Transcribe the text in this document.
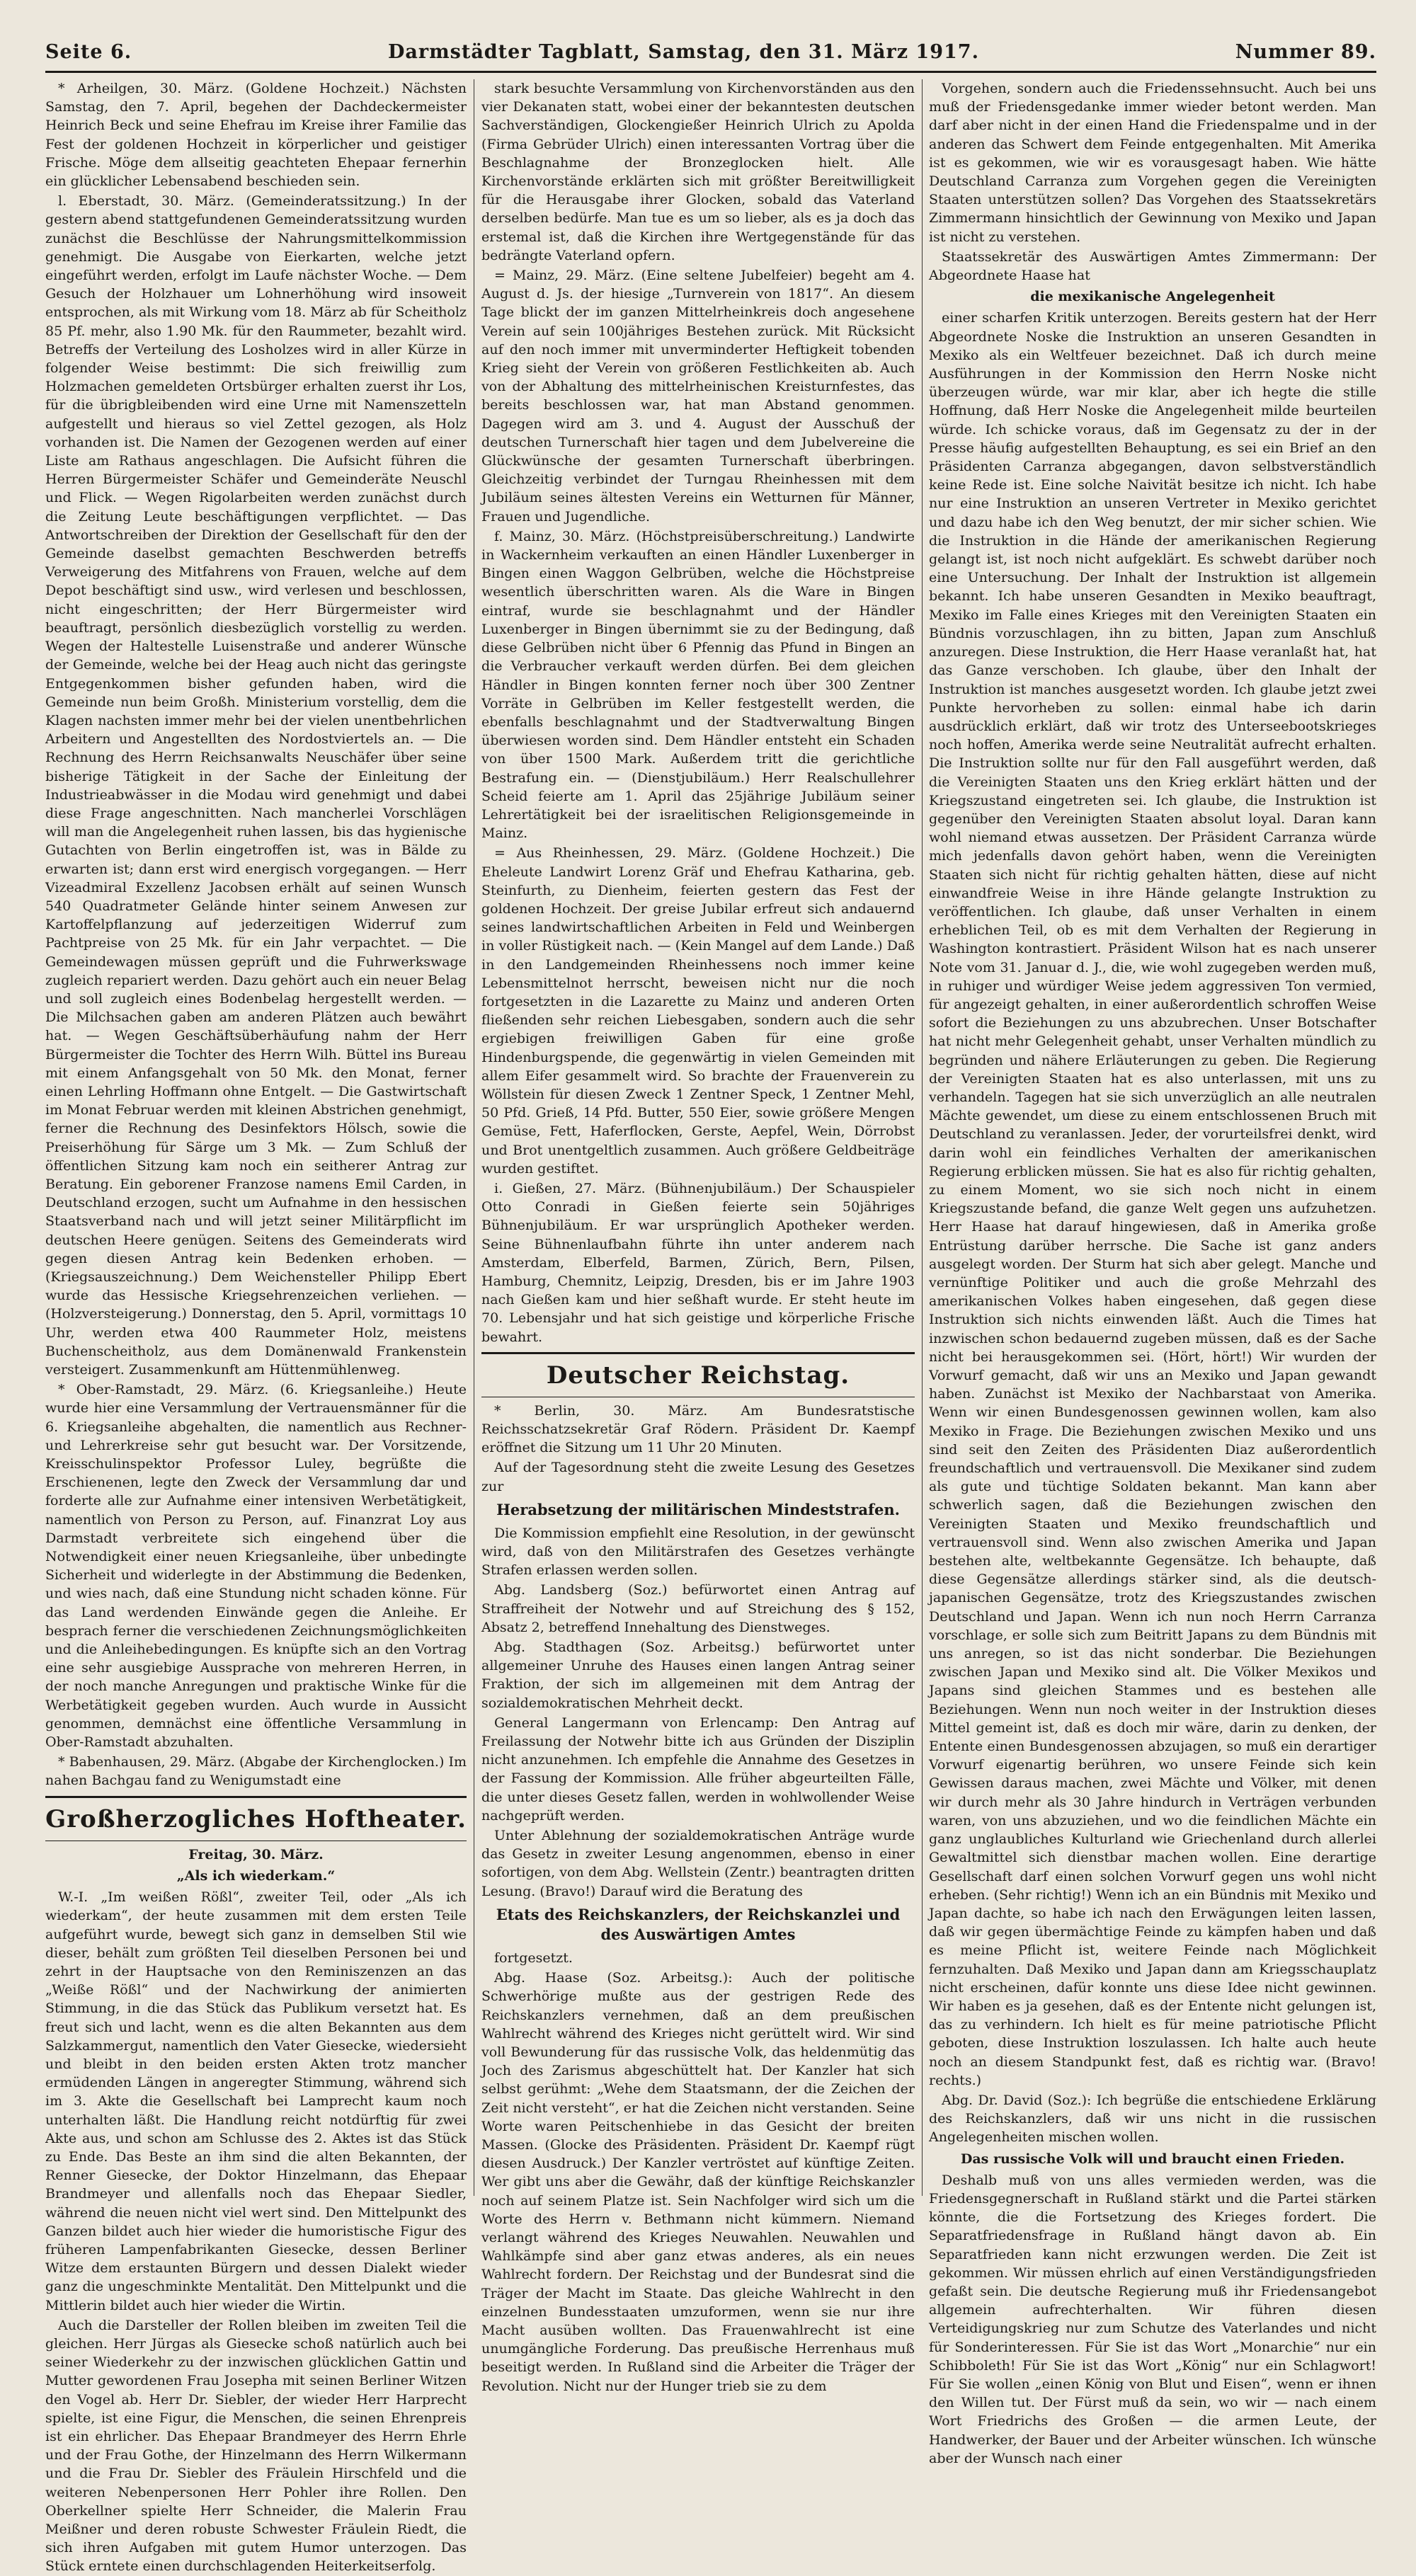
Seite 6.	Darmstädter Tagblatt, Samstag, den 31. März 1917.	Nummer 89.

* Arheilgen, 30. März. (Goldene Hochzeit.) Nächsten Samstag, den 7. April, begehen der Dachdeckermeister Heinrich Beck und seine Ehefrau im Kreise ihrer Familie das Fest der goldenen Hochzeit in körperlicher und geistiger Frische. Möge dem allseitig geachteten Ehepaar fernerhin ein glücklicher Lebensabend beschieden sein.

l. Eberstadt, 30. März. (Gemeinderatssitzung.) In der gestern abend stattgefundenen Gemeinderatssitzung wurden zunächst die Beschlüsse der Nahrungsmittelkommission genehmigt. Die Ausgabe von Eierkarten, welche jetzt eingeführt werden, erfolgt im Laufe nächster Woche. — Dem Gesuch der Holzhauer um Lohnerhöhung wird insoweit entsprochen, als mit Wirkung vom 18. März ab für Scheitholz 85 Pf. mehr, also 1.90 Mk. für den Raummeter, bezahlt wird. Betreffs der Verteilung des Losholzes wird in aller Kürze in folgender Weise bestimmt: Die sich freiwillig zum Holzmachen gemeldeten Ortsbürger erhalten zuerst ihr Los, für die übrigbleibenden wird eine Urne mit Namenszetteln aufgestellt und hieraus so viel Zettel gezogen, als Holz vorhanden ist. Die Namen der Gezogenen werden auf einer Liste am Rathaus angeschlagen. Die Aufsicht führen die Herren Bürgermeister Schäfer und Gemeinderäte Neuschl und Flick. — Wegen Rigolarbeiten werden zunächst durch die Zeitung Leute beschäftigungen verpflichtet. — Das Antwortschreiben der Direktion der Gesellschaft für den der Gemeinde daselbst gemachten Beschwerden betreffs Verweigerung des Mitfahrens von Frauen, welche auf dem Depot beschäftigt sind usw., wird verlesen und beschlossen, nicht eingeschritten; der Herr Bürgermeister wird beauftragt, persönlich diesbezüglich vorstellig zu werden. Wegen der Haltestelle Luisenstraße und anderer Wünsche der Gemeinde, welche bei der Heag auch nicht das geringste Entgegenkommen bisher gefunden haben, wird die Gemeinde nun beim Großh. Ministerium vorstellig, dem die Klagen nachsten immer mehr bei der vielen unentbehrlichen Arbeitern und Angestellten des Nordostviertels an. — Die Rechnung des Herrn Reichsanwalts Neuschäfer über seine bisherige Tätigkeit in der Sache der Einleitung der Industrieabwässer in die Modau wird genehmigt und dabei diese Frage angeschnitten. Nach mancherlei Vorschlägen will man die Angelegenheit ruhen lassen, bis das hygienische Gutachten von Berlin eingetroffen ist, was in Bälde zu erwarten ist; dann erst wird energisch vorgegangen. — Herr Vizeadmiral Exzellenz Jacobsen erhält auf seinen Wunsch 540 Quadratmeter Gelände hinter seinem Anwesen zur Kartoffelpflanzung auf jederzeitigen Widerruf zum Pachtpreise von 25 Mk. für ein Jahr verpachtet. — Die Gemeindewagen müssen geprüft und die Fuhrwerkswage zugleich repariert werden. Dazu gehört auch ein neuer Belag und soll zugleich eines Bodenbelag hergestellt werden. — Die Milchsachen gaben am anderen Plätzen auch bewährt hat. — Wegen Geschäftsüberhäufung nahm der Herr Bürgermeister die Tochter des Herrn Wilh. Büttel ins Bureau mit einem Anfangsgehalt von 50 Mk. den Monat, ferner einen Lehrling Hoffmann ohne Entgelt. — Die Gastwirtschaft im Monat Februar werden mit kleinen Abstrichen genehmigt, ferner die Rechnung des Desinfektors Hölsch, sowie die Preiserhöhung für Särge um 3 Mk. — Zum Schluß der öffentlichen Sitzung kam noch ein seitherer Antrag zur Beratung. Ein geborener Franzose namens Emil Carden, in Deutschland erzogen, sucht um Aufnahme in den hessischen Staatsverband nach und will jetzt seiner Militärpflicht im deutschen Heere genügen. Seitens des Gemeinderats wird gegen diesen Antrag kein Bedenken erhoben. — (Kriegsauszeichnung.) Dem Weichensteller Philipp Ebert wurde das Hessische Kriegsehrenzeichen verliehen. — (Holzversteigerung.) Donnerstag, den 5. April, vormittags 10 Uhr, werden etwa 400 Raummeter Holz, meistens Buchenscheitholz, aus dem Domänenwald Frankenstein versteigert. Zusammenkunft am Hüttenmühlenweg.

* Ober-Ramstadt, 29. März. (6. Kriegsanleihe.) Heute wurde hier eine Versammlung der Vertrauensmänner für die 6. Kriegsanleihe abgehalten, die namentlich aus Rechner- und Lehrerkreise sehr gut besucht war. Der Vorsitzende, Kreisschulinspektor Professor Luley, begrüßte die Erschienenen, legte den Zweck der Versammlung dar und forderte alle zur Aufnahme einer intensiven Werbetätigkeit, namentlich von Person zu Person, auf. Finanzrat Loy aus Darmstadt verbreitete sich eingehend über die Notwendigkeit einer neuen Kriegsanleihe, über unbedingte Sicherheit und widerlegte in der Abstimmung die Bedenken, und wies nach, daß eine Stundung nicht schaden könne. Für das Land werdenden Einwände gegen die Anleihe. Er besprach ferner die verschiedenen Zeichnungsmöglichkeiten und die Anleihebedingungen. Es knüpfte sich an den Vortrag eine sehr ausgiebige Aussprache von mehreren Herren, in der noch manche Anregungen und praktische Winke für die Werbetätigkeit gegeben wurden. Auch wurde in Aussicht genommen, demnächst eine öffentliche Versammlung in Ober-Ramstadt abzuhalten.

* Babenhausen, 29. März. (Abgabe der Kirchenglocken.) Im nahen Bachgau fand zu Wenigumstadt eine

Großherzogliches Hoftheater.

Freitag, 30. März.

„Als ich wiederkam.“

W.-I. „Im weißen Rößl“, zweiter Teil, oder „Als ich wiederkam“, der heute zusammen mit dem ersten Teile aufgeführt wurde, bewegt sich ganz in demselben Stil wie dieser, behält zum größten Teil dieselben Personen bei und zehrt in der Hauptsache von den Reminiszenzen an das „Weiße Rößl“ und der Nachwirkung der animierten Stimmung, in die das Stück das Publikum versetzt hat. Es freut sich und lacht, wenn es die alten Bekannten aus dem Salzkammergut, namentlich den Vater Giesecke, wiedersieht und bleibt in den beiden ersten Akten trotz mancher ermüdenden Längen in angeregter Stimmung, während sich im 3. Akte die Gesellschaft bei Lamprecht kaum noch unterhalten läßt. Die Handlung reicht notdürftig für zwei Akte aus, und schon am Schlusse des 2. Aktes ist das Stück zu Ende. Das Beste an ihm sind die alten Bekannten, der Renner Giesecke, der Doktor Hinzelmann, das Ehepaar Brandmeyer und allenfalls noch das Ehepaar Siedler, während die neuen nicht viel wert sind. Den Mittelpunkt des Ganzen bildet auch hier wieder die humoristische Figur des früheren Lampenfabrikanten Giesecke, dessen Berliner Witze dem erstaunten Bürgern und dessen Dialekt wieder ganz die ungeschminkte Mentalität. Den Mittelpunkt und die Mittlerin bildet auch hier wieder die Wirtin.

Auch die Darsteller der Rollen bleiben im zweiten Teil die gleichen. Herr Jürgas als Giesecke schoß natürlich auch bei seiner Wiederkehr zu der inzwischen glücklichen Gattin und Mutter gewordenen Frau Josepha mit seinen Berliner Witzen den Vogel ab. Herr Dr. Siebler, der wieder Herr Harprecht spielte, ist eine Figur, die Menschen, die seinen Ehrenpreis ist ein ehrlicher. Das Ehepaar Brandmeyer des Herrn Ehrle und der Frau Gothe, der Hinzelmann des Herrn Wilkermann und die Frau Dr. Siebler des Fräulein Hirschfeld und die weiteren Nebenpersonen Herr Pohler ihre Rollen. Den Oberkellner spielte Herr Schneider, die Malerin Frau Meißner und deren robuste Schwester Fräulein Riedt, die sich ihren Aufgaben mit gutem Humor unterzogen. Das Stück erntete einen durchschlagenden Heiterkeitserfolg.

stark besuchte Versammlung von Kirchenvorständen aus den vier Dekanaten statt, wobei einer der bekanntesten deutschen Sachverständigen, Glockengießer Heinrich Ulrich zu Apolda (Firma Gebrüder Ulrich) einen interessanten Vortrag über die Beschlagnahme der Bronzeglocken hielt. Alle Kirchenvorstände erklärten sich mit größter Bereitwilligkeit für die Herausgabe ihrer Glocken, sobald das Vaterland derselben bedürfe. Man tue es um so lieber, als es ja doch das erstemal ist, daß die Kirchen ihre Wertgegenstände für das bedrängte Vaterland opfern.

= Mainz, 29. März. (Eine seltene Jubelfeier) begeht am 4. August d. Js. der hiesige „Turnverein von 1817“. An diesem Tage blickt der im ganzen Mittelrheinkreis doch angesehene Verein auf sein 100jähriges Bestehen zurück. Mit Rücksicht auf den noch immer mit unverminderter Heftigkeit tobenden Krieg sieht der Verein von größeren Festlichkeiten ab. Auch von der Abhaltung des mittelrheinischen Kreisturnfestes, das bereits beschlossen war, hat man Abstand genommen. Dagegen wird am 3. und 4. August der Ausschuß der deutschen Turnerschaft hier tagen und dem Jubelvereine die Glückwünsche der gesamten Turnerschaft überbringen. Gleichzeitig verbindet der Turngau Rheinhessen mit dem Jubiläum seines ältesten Vereins ein Wetturnen für Männer, Frauen und Jugendliche.

f. Mainz, 30. März. (Höchstpreisüberschreitung.) Landwirte in Wackernheim verkauften an einen Händler Luxenberger in Bingen einen Waggon Gelbrüben, welche die Höchstpreise wesentlich überschritten waren. Als die Ware in Bingen eintraf, wurde sie beschlagnahmt und der Händler Luxenberger in Bingen übernimmt sie zu der Bedingung, daß diese Gelbrüben nicht über 6 Pfennig das Pfund in Bingen an die Verbraucher verkauft werden dürfen. Bei dem gleichen Händler in Bingen konnten ferner noch über 300 Zentner Vorräte in Gelbrüben im Keller festgestellt werden, die ebenfalls beschlagnahmt und der Stadtverwaltung Bingen überwiesen worden sind. Dem Händler entsteht ein Schaden von über 1500 Mark. Außerdem tritt die gerichtliche Bestrafung ein. — (Dienstjubiläum.) Herr Realschullehrer Scheid feierte am 1. April das 25jährige Jubiläum seiner Lehrertätigkeit bei der israelitischen Religionsgemeinde in Mainz.

= Aus Rheinhessen, 29. März. (Goldene Hochzeit.) Die Eheleute Landwirt Lorenz Gräf und Ehefrau Katharina, geb. Steinfurth, zu Dienheim, feierten gestern das Fest der goldenen Hochzeit. Der greise Jubilar erfreut sich andauernd seines landwirtschaftlichen Arbeiten in Feld und Weinbergen in voller Rüstigkeit nach. — (Kein Mangel auf dem Lande.) Daß in den Landgemeinden Rheinhessens noch immer keine Lebensmittelnot herrscht, beweisen nicht nur die noch fortgesetzten in die Lazarette zu Mainz und anderen Orten fließenden sehr reichen Liebesgaben, sondern auch die sehr ergiebigen freiwilligen Gaben für eine große Hindenburgspende, die gegenwärtig in vielen Gemeinden mit allem Eifer gesammelt wird. So brachte der Frauenverein zu Wöllstein für diesen Zweck 1 Zentner Speck, 1 Zentner Mehl, 50 Pfd. Grieß, 14 Pfd. Butter, 550 Eier, sowie größere Mengen Gemüse, Fett, Haferflocken, Gerste, Aepfel, Wein, Dörrobst und Brot unentgeltlich zusammen. Auch größere Geldbeiträge wurden gestiftet.

i. Gießen, 27. März. (Bühnenjubiläum.) Der Schauspieler Otto Conradi in Gießen feierte sein 50jähriges Bühnenjubiläum. Er war ursprünglich Apotheker werden. Seine Bühnenlaufbahn führte ihn unter anderem nach Amsterdam, Elberfeld, Barmen, Zürich, Bern, Pilsen, Hamburg, Chemnitz, Leipzig, Dresden, bis er im Jahre 1903 nach Gießen kam und hier seßhaft wurde. Er steht heute im 70. Lebensjahr und hat sich geistige und körperliche Frische bewahrt.

Deutscher Reichstag.

* Berlin, 30. März. Am Bundesratstische Reichsschatzsekretär Graf Rödern. Präsident Dr. Kaempf eröffnet die Sitzung um 11 Uhr 20 Minuten.

Auf der Tagesordnung steht die zweite Lesung des Gesetzes zur

Herabsetzung der militärischen Mindeststrafen.

Die Kommission empfiehlt eine Resolution, in der gewünscht wird, daß von den Militärstrafen des Gesetzes verhängte Strafen erlassen werden sollen.

Abg. Landsberg (Soz.) befürwortet einen Antrag auf Straffreiheit der Notwehr und auf Streichung des § 152, Absatz 2, betreffend Innehaltung des Dienstweges.

Abg. Stadthagen (Soz. Arbeitsg.) befürwortet unter allgemeiner Unruhe des Hauses einen langen Antrag seiner Fraktion, der sich im allgemeinen mit dem Antrag der sozialdemokratischen Mehrheit deckt.

General Langermann von Erlencamp: Den Antrag auf Freilassung der Notwehr bitte ich aus Gründen der Disziplin nicht anzunehmen. Ich empfehle die Annahme des Gesetzes in der Fassung der Kommission. Alle früher abgeurteilten Fälle, die unter dieses Gesetz fallen, werden in wohlwollender Weise nachgeprüft werden.

Unter Ablehnung der sozialdemokratischen Anträge wurde das Gesetz in zweiter Lesung angenommen, ebenso in einer sofortigen, von dem Abg. Wellstein (Zentr.) beantragten dritten Lesung. (Bravo!) Darauf wird die Beratung des

Etats des Reichskanzlers, der Reichskanzlei und des Auswärtigen Amtes

fortgesetzt.

Abg. Haase (Soz. Arbeitsg.): Auch der politische Schwerhörige mußte aus der gestrigen Rede des Reichskanzlers vernehmen, daß an dem preußischen Wahlrecht während des Krieges nicht gerüttelt wird. Wir sind voll Bewunderung für das russische Volk, das heldenmütig das Joch des Zarismus abgeschüttelt hat. Der Kanzler hat sich selbst gerühmt: „Wehe dem Staatsmann, der die Zeichen der Zeit nicht versteht“, er hat die Zeichen nicht verstanden. Seine Worte waren Peitschenhiebe in das Gesicht der breiten Massen. (Glocke des Präsidenten. Präsident Dr. Kaempf rügt diesen Ausdruck.) Der Kanzler vertröstet auf künftige Zeiten. Wer gibt uns aber die Gewähr, daß der künftige Reichskanzler noch auf seinem Platze ist. Sein Nachfolger wird sich um die Worte des Herrn v. Bethmann nicht kümmern. Niemand verlangt während des Krieges Neuwahlen. Neuwahlen und Wahlkämpfe sind aber ganz etwas anderes, als ein neues Wahlrecht fordern. Der Reichstag und der Bundesrat sind die Träger der Macht im Staate. Das gleiche Wahlrecht in den einzelnen Bundesstaaten umzuformen, wenn sie nur ihre Macht ausüben wollten. Das Frauenwahlrecht ist eine unumgängliche Forderung. Das preußische Herrenhaus muß beseitigt werden. In Rußland sind die Arbeiter die Träger der Revolution. Nicht nur der Hunger trieb sie zu dem

Vorgehen, sondern auch die Friedenssehnsucht. Auch bei uns muß der Friedensgedanke immer wieder betont werden. Man darf aber nicht in der einen Hand die Friedenspalme und in der anderen das Schwert dem Feinde entgegenhalten. Mit Amerika ist es gekommen, wie wir es vorausgesagt haben. Wie hätte Deutschland Carranza zum Vorgehen gegen die Vereinigten Staaten unterstützen sollen? Das Vorgehen des Staatssekretärs Zimmermann hinsichtlich der Gewinnung von Mexiko und Japan ist nicht zu verstehen.

Staatssekretär des Auswärtigen Amtes Zimmermann: Der Abgeordnete Haase hat

die mexikanische Angelegenheit

einer scharfen Kritik unterzogen. Bereits gestern hat der Herr Abgeordnete Noske die Instruktion an unseren Gesandten in Mexiko als ein Weltfeuer bezeichnet. Daß ich durch meine Ausführungen in der Kommission den Herrn Noske nicht überzeugen würde, war mir klar, aber ich hegte die stille Hoffnung, daß Herr Noske die Angelegenheit milde beurteilen würde. Ich schicke voraus, daß im Gegensatz zu der in der Presse häufig aufgestellten Behauptung, es sei ein Brief an den Präsidenten Carranza abgegangen, davon selbstverständlich keine Rede ist. Eine solche Naivität besitze ich nicht. Ich habe nur eine Instruktion an unseren Vertreter in Mexiko gerichtet und dazu habe ich den Weg benutzt, der mir sicher schien. Wie die Instruktion in die Hände der amerikanischen Regierung gelangt ist, ist noch nicht aufgeklärt. Es schwebt darüber noch eine Untersuchung. Der Inhalt der Instruktion ist allgemein bekannt. Ich habe unseren Gesandten in Mexiko beauftragt, Mexiko im Falle eines Krieges mit den Vereinigten Staaten ein Bündnis vorzuschlagen, ihn zu bitten, Japan zum Anschluß anzuregen. Diese Instruktion, die Herr Haase veranlaßt hat, hat das Ganze verschoben. Ich glaube, über den Inhalt der Instruktion ist manches ausgesetzt worden. Ich glaube jetzt zwei Punkte hervorheben zu sollen: einmal habe ich darin ausdrücklich erklärt, daß wir trotz des Unterseebootskrieges noch hoffen, Amerika werde seine Neutralität aufrecht erhalten. Die Instruktion sollte nur für den Fall ausgeführt werden, daß die Vereinigten Staaten uns den Krieg erklärt hätten und der Kriegszustand eingetreten sei. Ich glaube, die Instruktion ist gegenüber den Vereinigten Staaten absolut loyal. Daran kann wohl niemand etwas aussetzen. Der Präsident Carranza würde mich jedenfalls davon gehört haben, wenn die Vereinigten Staaten sich nicht für richtig gehalten hätten, diese auf nicht einwandfreie Weise in ihre Hände gelangte Instruktion zu veröffentlichen. Ich glaube, daß unser Verhalten in einem erheblichen Teil, ob es mit dem Verhalten der Regierung in Washington kontrastiert. Präsident Wilson hat es nach unserer Note vom 31. Januar d. J., die, wie wohl zugegeben werden muß, in ruhiger und würdiger Weise jedem aggressiven Ton vermied, für angezeigt gehalten, in einer außerordentlich schroffen Weise sofort die Beziehungen zu uns abzubrechen. Unser Botschafter hat nicht mehr Gelegenheit gehabt, unser Verhalten mündlich zu begründen und nähere Erläuterungen zu geben. Die Regierung der Vereinigten Staaten hat es also unterlassen, mit uns zu verhandeln. Tagegen hat sie sich unverzüglich an alle neutralen Mächte gewendet, um diese zu einem entschlossenen Bruch mit Deutschland zu veranlassen. Jeder, der vorurteilsfrei denkt, wird darin wohl ein feindliches Verhalten der amerikanischen Regierung erblicken müssen. Sie hat es also für richtig gehalten, zu einem Moment, wo sie sich noch nicht in einem Kriegszustande befand, die ganze Welt gegen uns aufzuhetzen. Herr Haase hat darauf hingewiesen, daß in Amerika große Entrüstung darüber herrsche. Die Sache ist ganz anders ausgelegt worden. Der Sturm hat sich aber gelegt. Manche und vernünftige Politiker und auch die große Mehrzahl des amerikanischen Volkes haben eingesehen, daß gegen diese Instruktion sich nichts einwenden läßt. Auch die Times hat inzwischen schon bedauernd zugeben müssen, daß es der Sache nicht bei herausgekommen sei. (Hört, hört!) Wir wurden der Vorwurf gemacht, daß wir uns an Mexiko und Japan gewandt haben. Zunächst ist Mexiko der Nachbarstaat von Amerika. Wenn wir einen Bundesgenossen gewinnen wollen, kam also Mexiko in Frage. Die Beziehungen zwischen Mexiko und uns sind seit den Zeiten des Präsidenten Diaz außerordentlich freundschaftlich und vertrauensvoll. Die Mexikaner sind zudem als gute und tüchtige Soldaten bekannt. Man kann aber schwerlich sagen, daß die Beziehungen zwischen den Vereinigten Staaten und Mexiko freundschaftlich und vertrauensvoll sind. Wenn also zwischen Amerika und Japan bestehen alte, weltbekannte Gegensätze. Ich behaupte, daß diese Gegensätze allerdings stärker sind, als die deutsch-japanischen Gegensätze, trotz des Kriegszustandes zwischen Deutschland und Japan. Wenn ich nun noch Herrn Carranza vorschlage, er solle sich zum Beitritt Japans zu dem Bündnis mit uns anregen, so ist das nicht sonderbar. Die Beziehungen zwischen Japan und Mexiko sind alt. Die Völker Mexikos und Japans sind gleichen Stammes und es bestehen alle Beziehungen. Wenn nun noch weiter in der Instruktion dieses Mittel gemeint ist, daß es doch mir wäre, darin zu denken, der Entente einen Bundesgenossen abzujagen, so muß ein derartiger Vorwurf eigenartig berühren, wo unsere Feinde sich kein Gewissen daraus machen, zwei Mächte und Völker, mit denen wir durch mehr als 30 Jahre hindurch in Verträgen verbunden waren, von uns abzuziehen, und wo die feindlichen Mächte ein ganz unglaubliches Kulturland wie Griechenland durch allerlei Gewaltmittel sich dienstbar machen wollen. Eine derartige Gesellschaft darf einen solchen Vorwurf gegen uns wohl nicht erheben. (Sehr richtig!) Wenn ich an ein Bündnis mit Mexiko und Japan dachte, so habe ich nach den Erwägungen leiten lassen, daß wir gegen übermächtige Feinde zu kämpfen haben und daß es meine Pflicht ist, weitere Feinde nach Möglichkeit fernzuhalten. Daß Mexiko und Japan dann am Kriegsschauplatz nicht erscheinen, dafür konnte uns diese Idee nicht gewinnen. Wir haben es ja gesehen, daß es der Entente nicht gelungen ist, das zu verhindern. Ich hielt es für meine patriotische Pflicht geboten, diese Instruktion loszulassen. Ich halte auch heute noch an diesem Standpunkt fest, daß es richtig war. (Bravo! rechts.)

Abg. Dr. David (Soz.): Ich begrüße die entschiedene Erklärung des Reichskanzlers, daß wir uns nicht in die russischen Angelegenheiten mischen wollen.

Das russische Volk will und braucht einen Frieden.

Deshalb muß von uns alles vermieden werden, was die Friedensgegnerschaft in Rußland stärkt und die Partei stärken könnte, die die Fortsetzung des Krieges fordert. Die Separatfriedensfrage in Rußland hängt davon ab. Ein Separatfrieden kann nicht erzwungen werden. Die Zeit ist gekommen. Wir müssen ehrlich auf einen Verständigungsfrieden gefaßt sein. Die deutsche Regierung muß ihr Friedensangebot allgemein aufrechterhalten. Wir führen diesen Verteidigungskrieg nur zum Schutze des Vaterlandes und nicht für Sonderinteressen. Für Sie ist das Wort „Monarchie“ nur ein Schibboleth! Für Sie ist das Wort „König“ nur ein Schlagwort! Für Sie wollen „einen König von Blut und Eisen“, wenn er ihnen den Willen tut. Der Fürst muß da sein, wo wir — nach einem Wort Friedrichs des Großen — die armen Leute, der Handwerker, der Bauer und der Arbeiter wünschen. Ich wünsche aber der Wunsch nach einer
